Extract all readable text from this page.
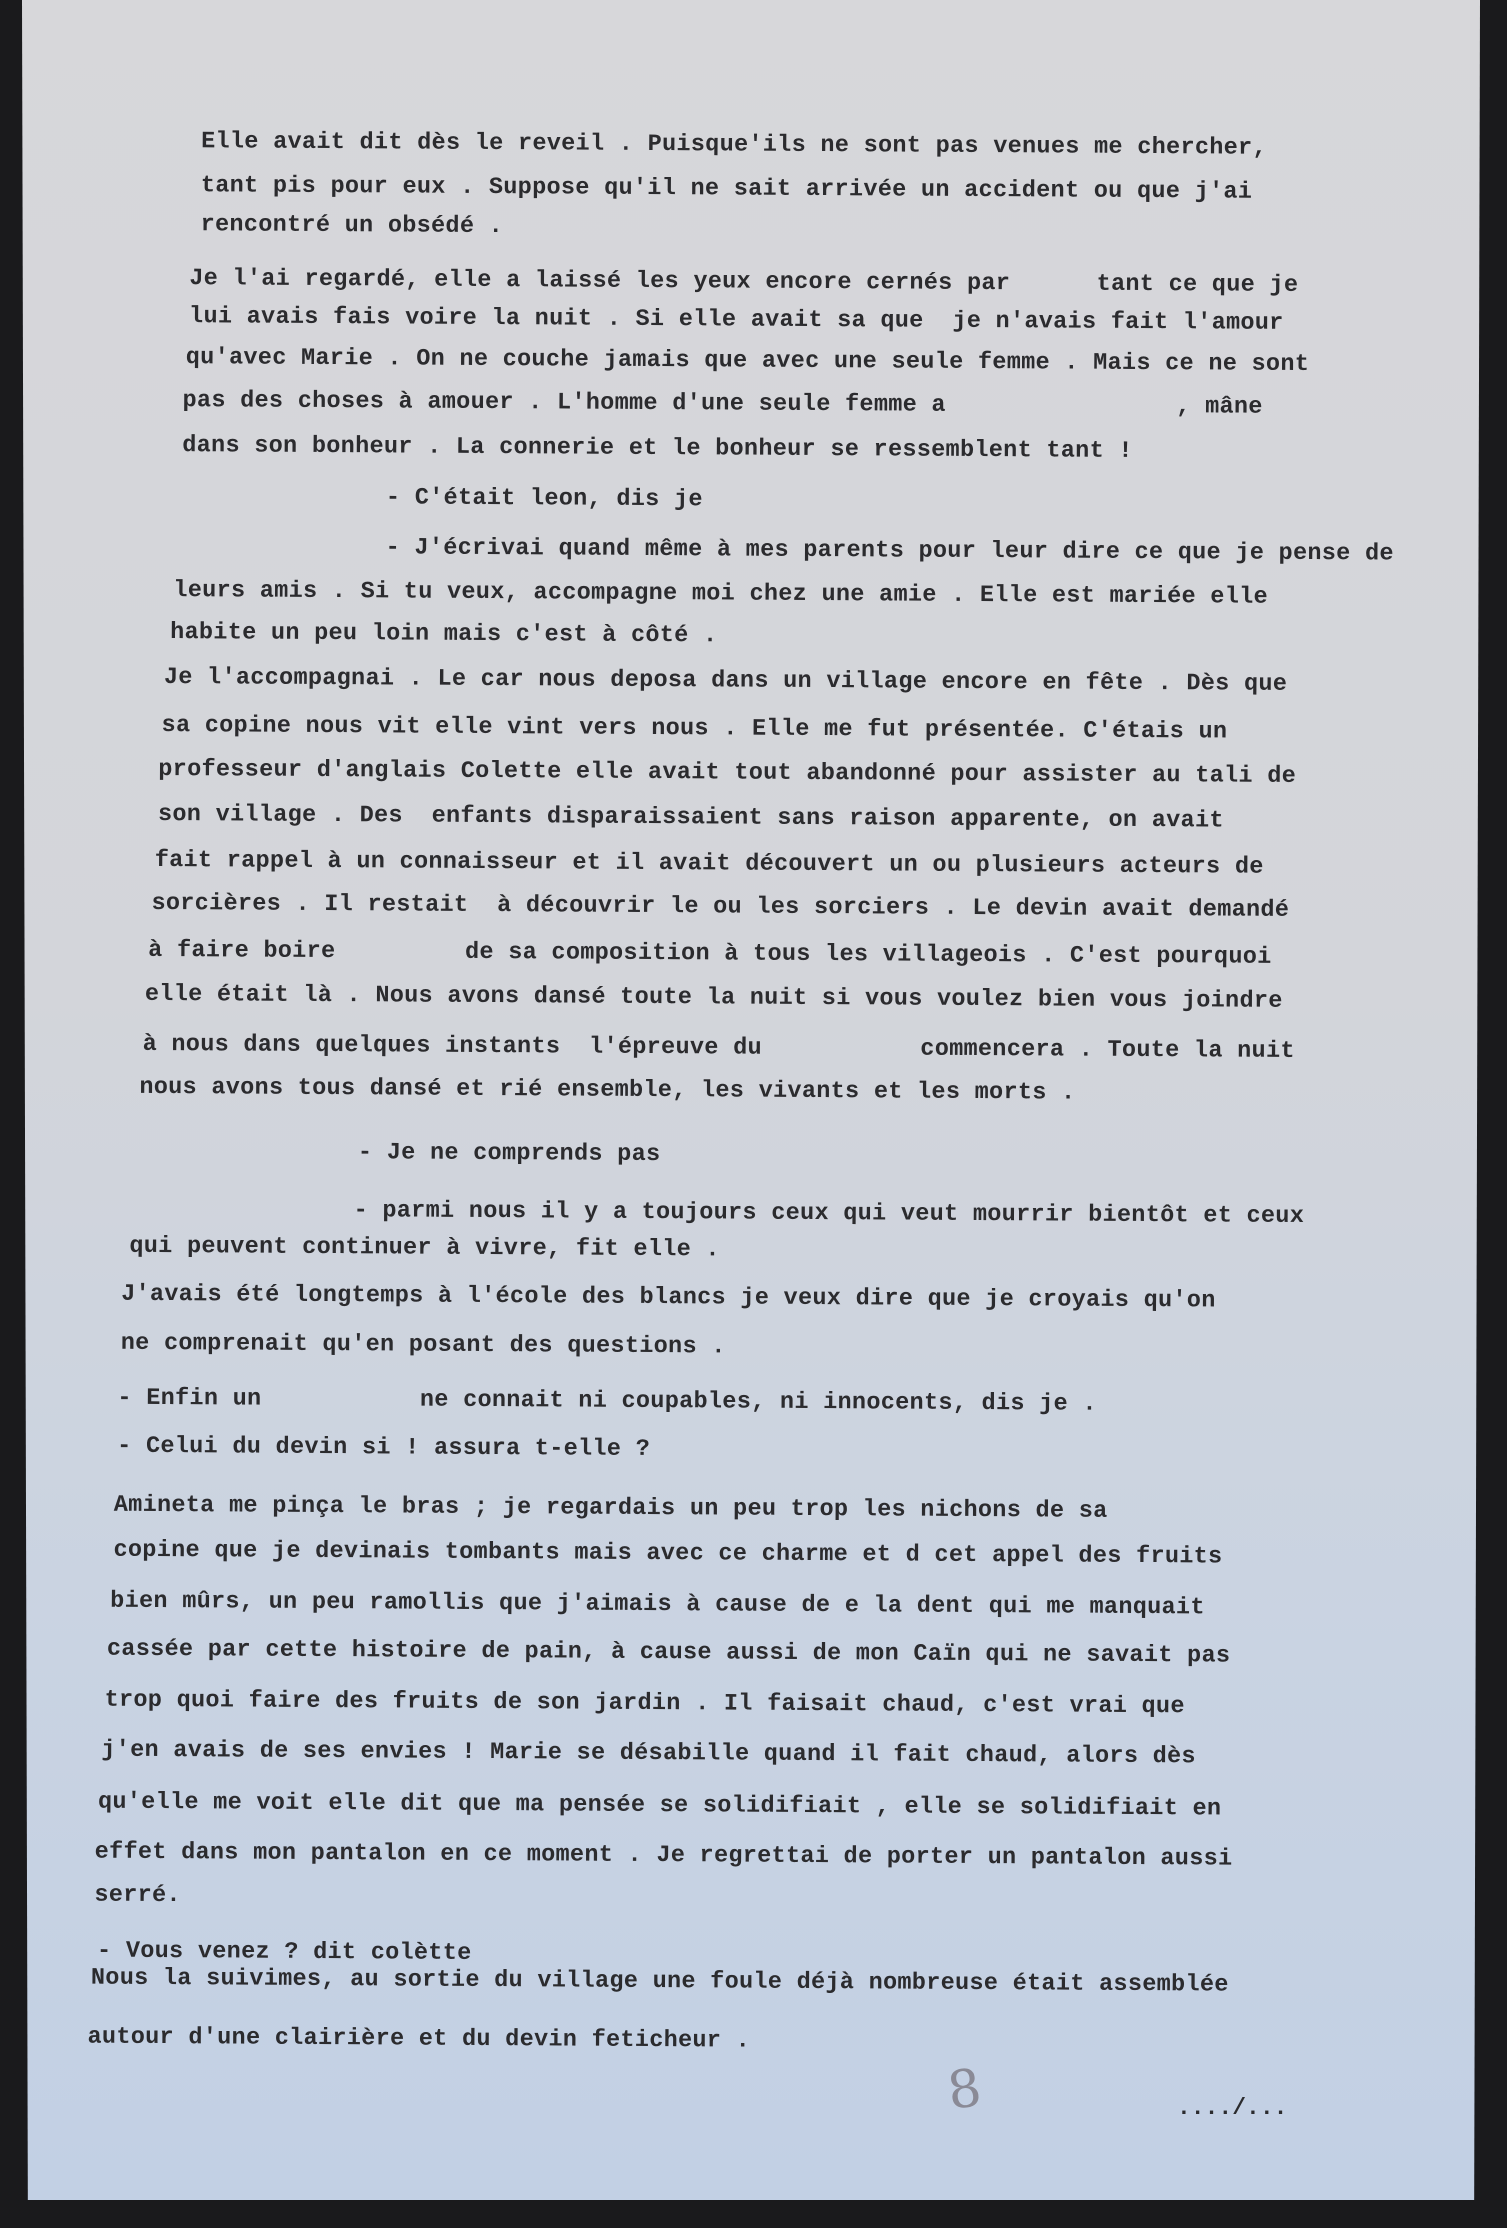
Elle avait dit dès le reveil . Puisque'ils ne sont pas venues me chercher,
tant pis pour eux . Suppose qu'il ne sait arrivée un accident ou que j'ai
rencontré un obsédé .
Je l'ai regardé, elle a laissé les yeux encore cernés par      tant ce que je
lui avais fais voire la nuit . Si elle avait sa que  je n'avais fait l'amour
qu'avec Marie . On ne couche jamais que avec une seule femme . Mais ce ne sont
pas des choses à amouer . L'homme d'une seule femme a                , mâne
dans son bonheur . La connerie et le bonheur se ressemblent tant !
- C'était leon, dis je
- J'écrivai quand même à mes parents pour leur dire ce que je pense de
leurs amis . Si tu veux, accompagne moi chez une amie . Elle est mariée elle
habite un peu loin mais c'est à côté .
Je l'accompagnai . Le car nous deposa dans un village encore en fête . Dès que
sa copine nous vit elle vint vers nous . Elle me fut présentée. C'étais un
professeur d'anglais Colette elle avait tout abandonné pour assister au tali de
son village . Des  enfants disparaissaient sans raison apparente, on avait
fait rappel à un connaisseur et il avait découvert un ou plusieurs acteurs de
sorcières . Il restait  à découvrir le ou les sorciers . Le devin avait demandé
à faire boire         de sa composition à tous les villageois . C'est pourquoi
elle était là . Nous avons dansé toute la nuit si vous voulez bien vous joindre
à nous dans quelques instants  l'épreuve du           commencera . Toute la nuit
nous avons tous dansé et rié ensemble, les vivants et les morts .
- Je ne comprends pas
- parmi nous il y a toujours ceux qui veut mourrir bientôt et ceux
qui peuvent continuer à vivre, fit elle .
J'avais été longtemps à l'école des blancs je veux dire que je croyais qu'on
ne comprenait qu'en posant des questions .
- Enfin un           ne connait ni coupables, ni innocents, dis je .
- Celui du devin si ! assura t-elle ?
Amineta me pinça le bras ; je regardais un peu trop les nichons de sa
copine que je devinais tombants mais avec ce charme et d cet appel des fruits
bien mûrs, un peu ramollis que j'aimais à cause de e la dent qui me manquait
cassée par cette histoire de pain, à cause aussi de mon Caïn qui ne savait pas
trop quoi faire des fruits de son jardin . Il faisait chaud, c'est vrai que
j'en avais de ses envies ! Marie se désabille quand il fait chaud, alors dès
qu'elle me voit elle dit que ma pensée se solidifiait , elle se solidifiait en
effet dans mon pantalon en ce moment . Je regrettai de porter un pantalon aussi
serré.
- Vous venez ? dit colètte
Nous la suivimes, au sortie du village une foule déjà nombreuse était assemblée
autour d'une clairière et du devin feticheur .
8	..../...
